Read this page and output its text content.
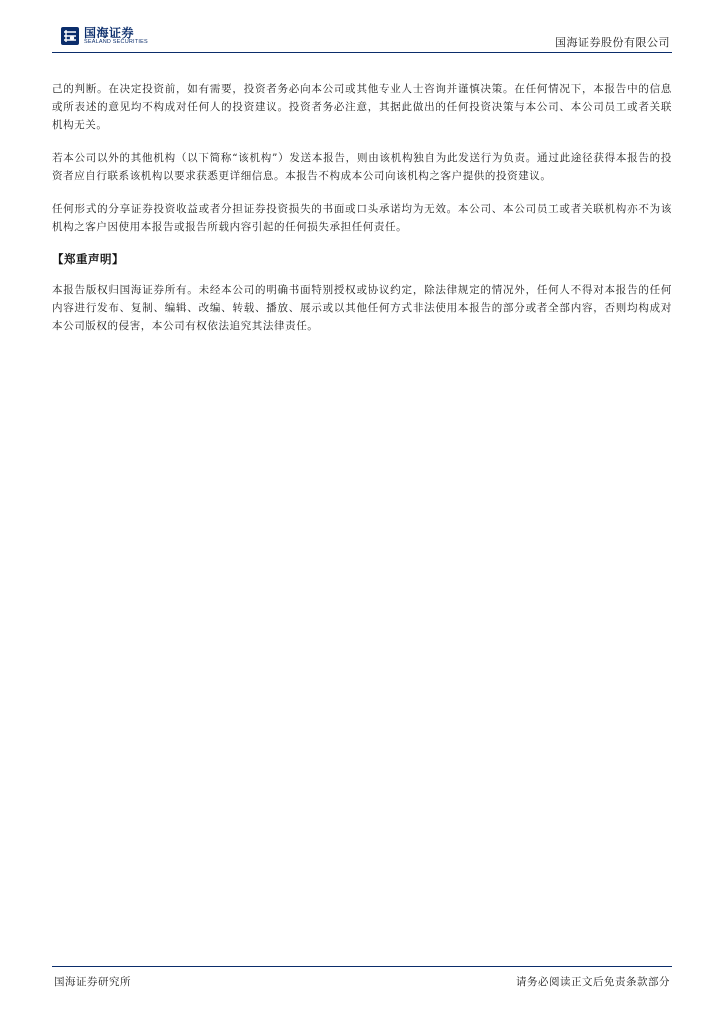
国海证券
SEALAND SECURITIES	国海证券股份有限公司

己的判断。在决定投资前，如有需要，投资者务必向本公司或其他专业人士咨询并谨慎决策。在任何情况下，本报告中的信息或所表述的意见均不构成对任何人的投资建议。投资者务必注意，其据此做出的任何投资决策与本公司、本公司员工或者关联机构无关。

若本公司以外的其他机构（以下简称“该机构”）发送本报告，则由该机构独自为此发送行为负责。通过此途径获得本报告的投资者应自行联系该机构以要求获悉更详细信息。本报告不构成本公司向该机构之客户提供的投资建议。

任何形式的分享证券投资收益或者分担证券投资损失的书面或口头承诺均为无效。本公司、本公司员工或者关联机构亦不为该机构之客户因使用本报告或报告所载内容引起的任何损失承担任何责任。

【郑重声明】

本报告版权归国海证券所有。未经本公司的明确书面特别授权或协议约定，除法律规定的情况外，任何人不得对本报告的任何内容进行发布、复制、编辑、改编、转载、播放、展示或以其他任何方式非法使用本报告的部分或者全部内容，否则均构成对本公司版权的侵害，本公司有权依法追究其法律责任。

国海证券研究所	请务必阅读正文后免责条款部分
